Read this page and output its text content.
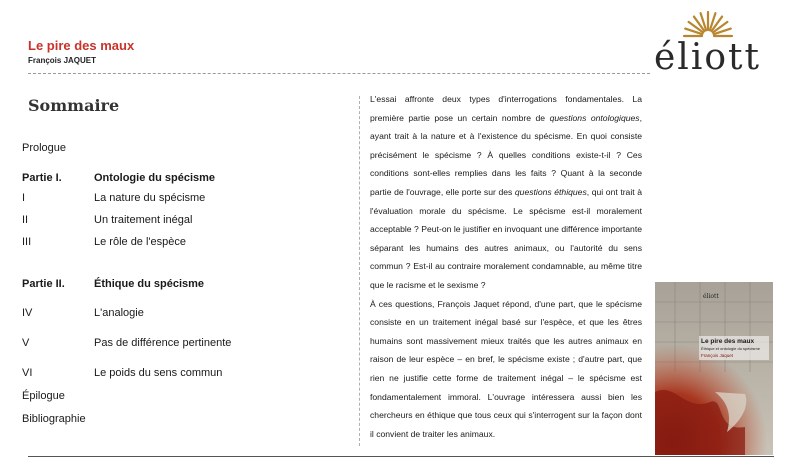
Le pire des maux
François JAQUET	éliott
Sommaire
Prologue
Partie I.	Ontologie du spécisme
I	La nature du spécisme
II	Un traitement inégal
III	Le rôle de l'espèce
Partie II.	Éthique du spécisme
IV	L'analogie
V	Pas de différence pertinente
VI	Le poids du sens commun
Épilogue
Bibliographie

L'essai affronte deux types d'interrogations fondamentales. La première partie pose un certain nombre de questions ontologiques, ayant trait à la nature et à l'existence du spécisme. En quoi consiste précisément le spécisme ? À quelles conditions existe-t-il ? Ces conditions sont-elles remplies dans les faits ? Quant à la seconde partie de l'ouvrage, elle porte sur des questions éthiques, qui ont trait à l'évaluation morale du spécisme. Le spécisme est-il moralement acceptable ? Peut-on le justifier en invoquant une différence importante séparant les humains des autres animaux, ou l'autorité du sens commun ? Est-il au contraire moralement condamnable, au même titre que le racisme et le sexisme ?

À ces questions, François Jaquet répond, d'une part, que le spécisme consiste en un traitement inégal basé sur l'espèce, et que les êtres humains sont massivement mieux traités que les autres animaux en raison de leur espèce – en bref, le spécisme existe ; d'autre part, que rien ne justifie cette forme de traitement inégal – le spécisme est fondamentalement immoral. L'ouvrage intéressera aussi bien les chercheurs en éthique que tous ceux qui s'interrogent sur la façon dont il convient de traiter les animaux.

éliott
Le pire des maux
Éthique et ontologie du spécisme
François Jaquet
